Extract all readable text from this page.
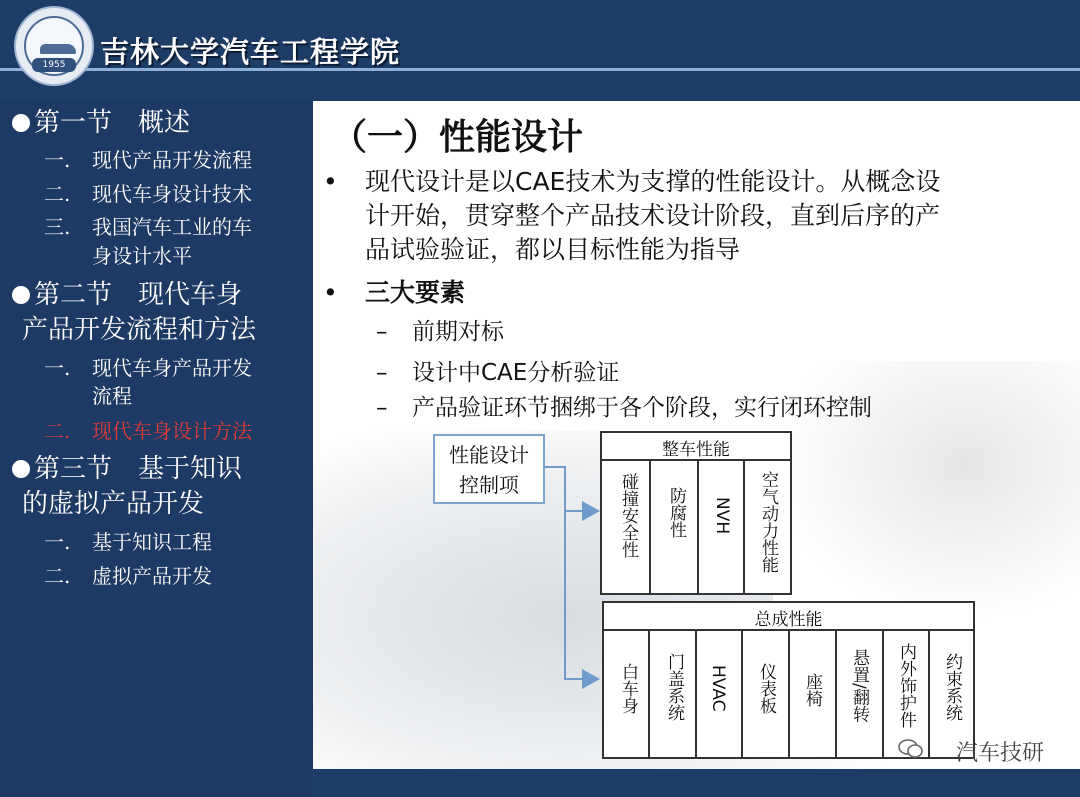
1955	吉林大学汽车工程学院
第一节　概述
一. 现代产品开发流程
二. 现代车身设计技术
三. 我国汽车工业的车
身设计水平
第二节　现代车身
产品开发流程和方法
一. 现代车身产品开发
流程
二. 现代车身设计方法
第三节　基于知识
的虚拟产品开发
一. 基于知识工程
二. 虚拟产品开发
（一）性能设计
• 现代设计是以CAE技术为支撑的性能设计。从概念设
计开始，贯穿整个产品技术设计阶段，直到后序的产
品试验验证，都以目标性能为指导
• 三大要素
– 前期对标
– 设计中CAE分析验证
– 产品验证环节捆绑于各个阶段，实行闭环控制
性能设计
控制项
整车性能
碰撞安全性 防腐性 NVH 空气动力性能
总成性能
白车身 门盖系统 HVAC 仪表板 座椅 悬置/翻转 内外饰护件 约束系统
汽车技研
